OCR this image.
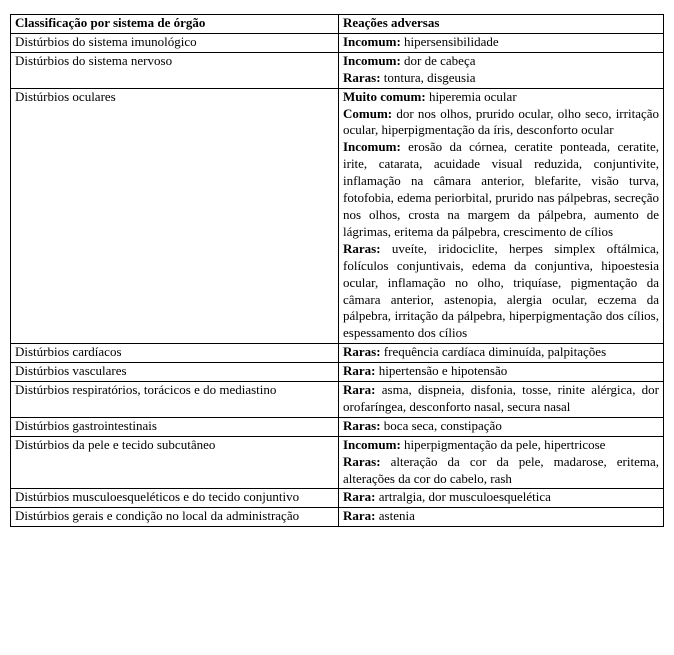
Classificação por sistema de órgão	Reações adversas
Distúrbios do sistema imunológico	Incomum: hipersensibilidade

Distúrbios do sistema nervoso	Incomum: dor de cabeça
Raras: tontura, disgeusia

Distúrbios oculares	Muito comum: hiperemia ocular
Comum: dor nos olhos, prurido ocular, olho seco, irritação ocular, hiperpigmentação da íris, desconforto ocular
Incomum: erosão da córnea, ceratite ponteada, ceratite, irite, catarata, acuidade visual reduzida, conjuntivite, inflamação na câmara anterior, blefarite, visão turva, fotofobia, edema periorbital, prurido nas pálpebras, secreção nos olhos, crosta na margem da pálpebra, aumento de lágrimas, eritema da pálpebra, crescimento de cílios
Raras: uveíte, iridociclite, herpes simplex oftálmica, folículos conjuntivais, edema da conjuntiva, hipoestesia ocular, inflamação no olho, triquíase, pigmentação da câmara anterior, astenopia, alergia ocular, eczema da pálpebra, irritação da pálpebra, hiperpigmentação dos cílios, espessamento dos cílios

Distúrbios cardíacos	Raras: frequência cardíaca diminuída, palpitações

Distúrbios vasculares	Rara: hipertensão e hipotensão

Distúrbios respiratórios, torácicos e do mediastino	Rara: asma, dispneia, disfonia, tosse, rinite alérgica, dor orofaríngea, desconforto nasal, secura nasal

Distúrbios gastrointestinais	Raras: boca seca, constipação

Distúrbios da pele e tecido subcutâneo	Incomum: hiperpigmentação da pele, hipertricose
Raras: alteração da cor da pele, madarose, eritema, alterações da cor do cabelo, rash

Distúrbios musculoesqueléticos e do tecido conjuntivo	Rara: artralgia, dor musculoesquelética

Distúrbios gerais e condição no local da administração	Rara: astenia
